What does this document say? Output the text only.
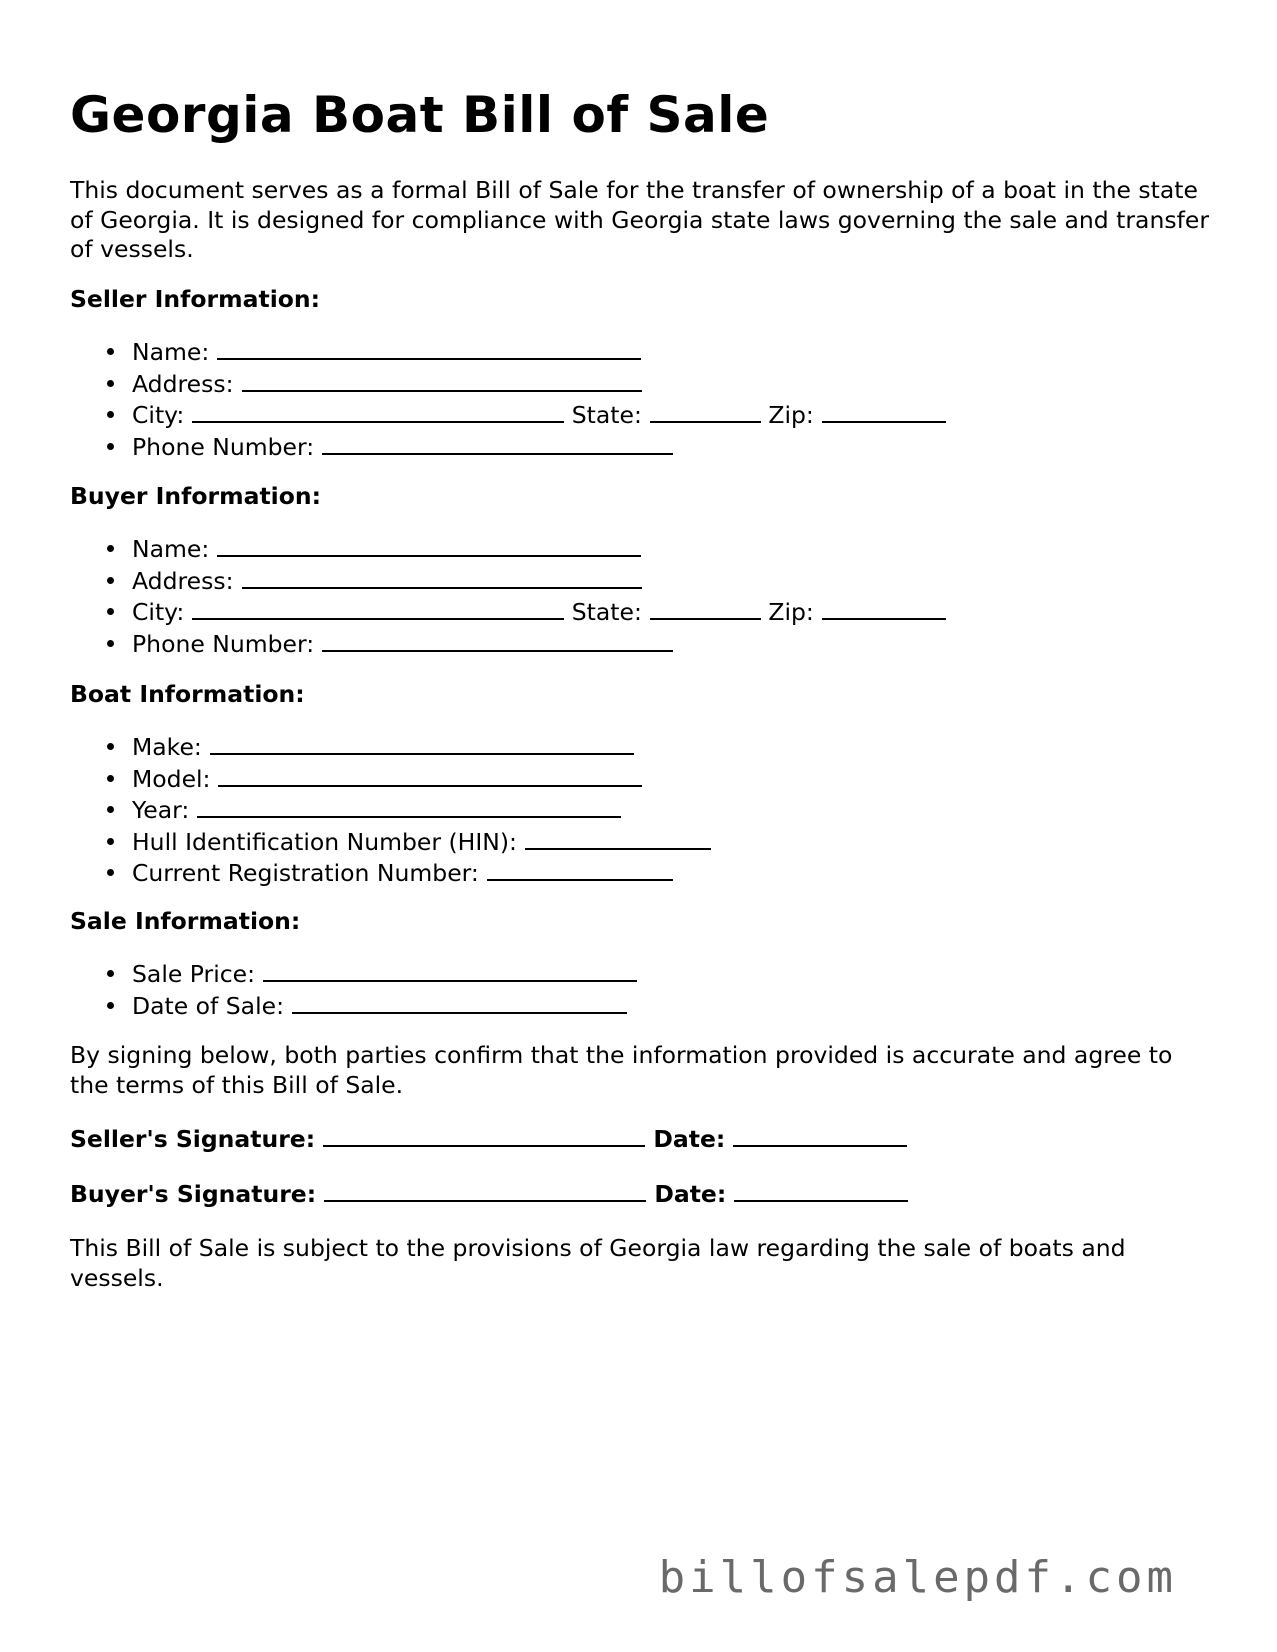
Georgia Boat Bill of Sale

This document serves as a formal Bill of Sale for the transfer of ownership of a boat in the state of Georgia. It is designed for compliance with Georgia state laws governing the sale and transfer of vessels.

Seller Information:
Name:
Address:
City:	State:	Zip:
Phone Number:
Buyer Information:
Name:
Address:
City:	State:	Zip:
Phone Number:
Boat Information:
Make:
Model:
Year:
Hull Identification Number (HIN):
Current Registration Number:
Sale Information:
Sale Price:
Date of Sale:

By signing below, both parties confirm that the information provided is accurate and agree to the terms of this Bill of Sale.

Seller's Signature:	Date:
Buyer's Signature:	Date:

This Bill of Sale is subject to the provisions of Georgia law regarding the sale of boats and vessels.

billofsalepdf.com
